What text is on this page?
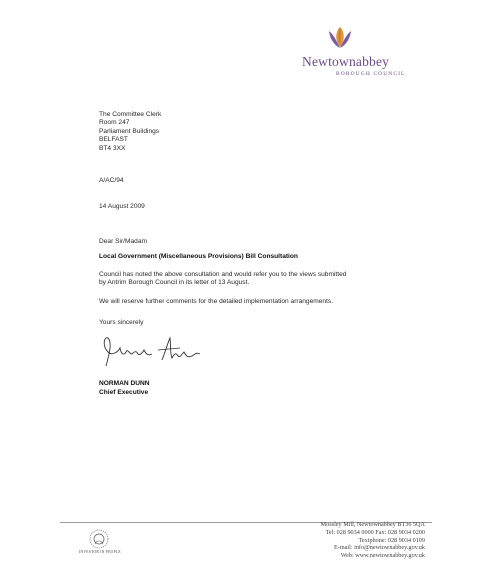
Newtownabbey
BOROUGH COUNCIL
The Committee Clerk
Room 247
Parliament Buildings
BELFAST
BT4 3XX
A/AC/94
14 August 2009
Dear Sir/Madam
Local Government (Miscellaneous Provisions) Bill Consultation
Council has noted the above consultation and would refer you to the views submitted
by Antrim Borough Council in its letter of 13 August.
We will reserve further comments for the detailed implementation arrangements.
Yours sincerely
NORMAN DUNN
Chief Executive
INVESTOR IN PEOPLE
Mossley Mill, Newtownabbey BT36 5QA
Tel: 028 9034 0000 Fax: 028 9034 0200
Textphone: 028 9034 0109
E-mail: info@newtownabbey.gov.uk
Web: www.newtownabbey.gov.uk
